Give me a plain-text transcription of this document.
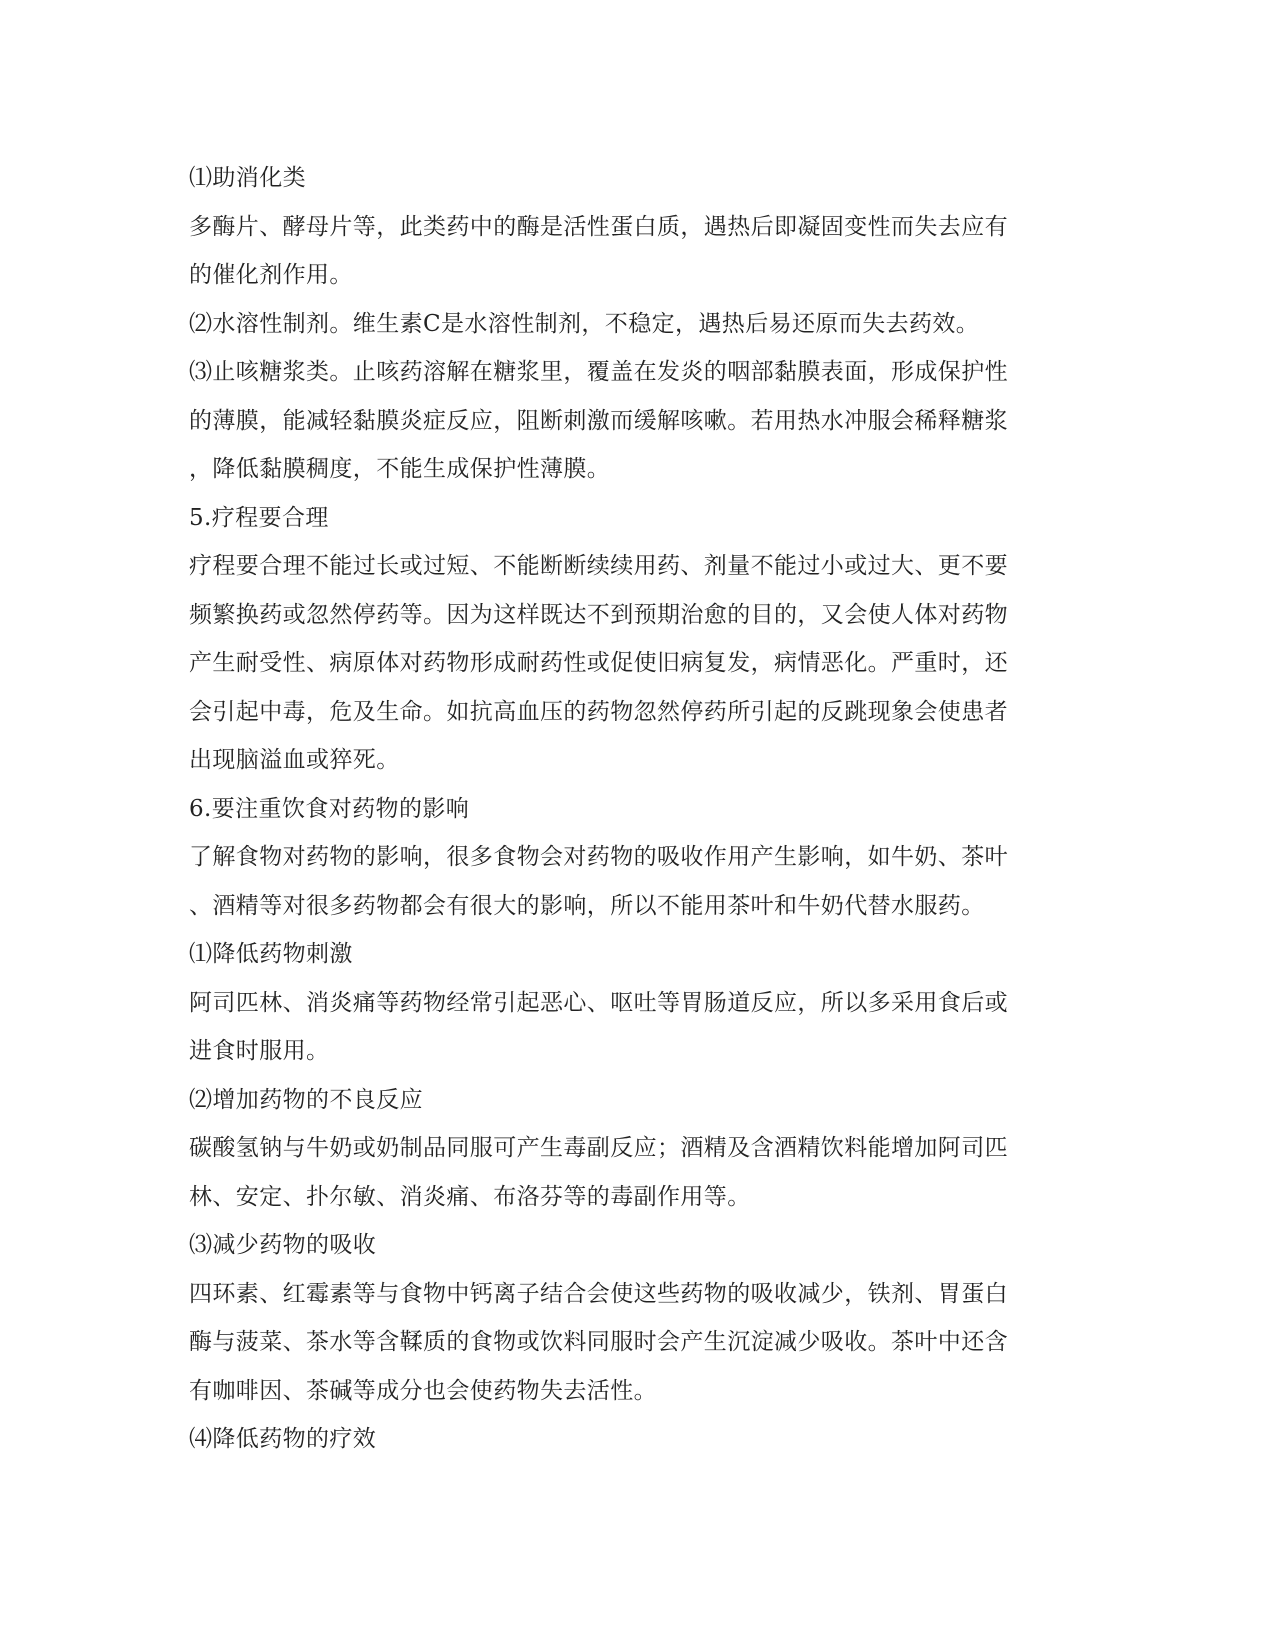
⑴助消化类
多酶片、酵母片等，此类药中的酶是活性蛋白质，遇热后即凝固变性而失去应有
的催化剂作用。
⑵水溶性制剂。维生素C是水溶性制剂，不稳定，遇热后易还原而失去药效。
⑶止咳糖浆类。止咳药溶解在糖浆里，覆盖在发炎的咽部黏膜表面，形成保护性
的薄膜，能减轻黏膜炎症反应，阻断刺激而缓解咳嗽。若用热水冲服会稀释糖浆
，降低黏膜稠度，不能生成保护性薄膜。
5.疗程要合理
疗程要合理不能过长或过短、不能断断续续用药、剂量不能过小或过大、更不要
频繁换药或忽然停药等。因为这样既达不到预期治愈的目的，又会使人体对药物
产生耐受性、病原体对药物形成耐药性或促使旧病复发，病情恶化。严重时，还
会引起中毒，危及生命。如抗高血压的药物忽然停药所引起的反跳现象会使患者
出现脑溢血或猝死。
6.要注重饮食对药物的影响
了解食物对药物的影响，很多食物会对药物的吸收作用产生影响，如牛奶、茶叶
、酒精等对很多药物都会有很大的影响，所以不能用茶叶和牛奶代替水服药。
⑴降低药物刺激
阿司匹林、消炎痛等药物经常引起恶心、呕吐等胃肠道反应，所以多采用食后或
进食时服用。
⑵增加药物的不良反应
碳酸氢钠与牛奶或奶制品同服可产生毒副反应；酒精及含酒精饮料能增加阿司匹
林、安定、扑尔敏、消炎痛、布洛芬等的毒副作用等。
⑶减少药物的吸收
四环素、红霉素等与食物中钙离子结合会使这些药物的吸收减少，铁剂、胃蛋白
酶与菠菜、茶水等含鞣质的食物或饮料同服时会产生沉淀减少吸收。茶叶中还含
有咖啡因、茶碱等成分也会使药物失去活性。
⑷降低药物的疗效
